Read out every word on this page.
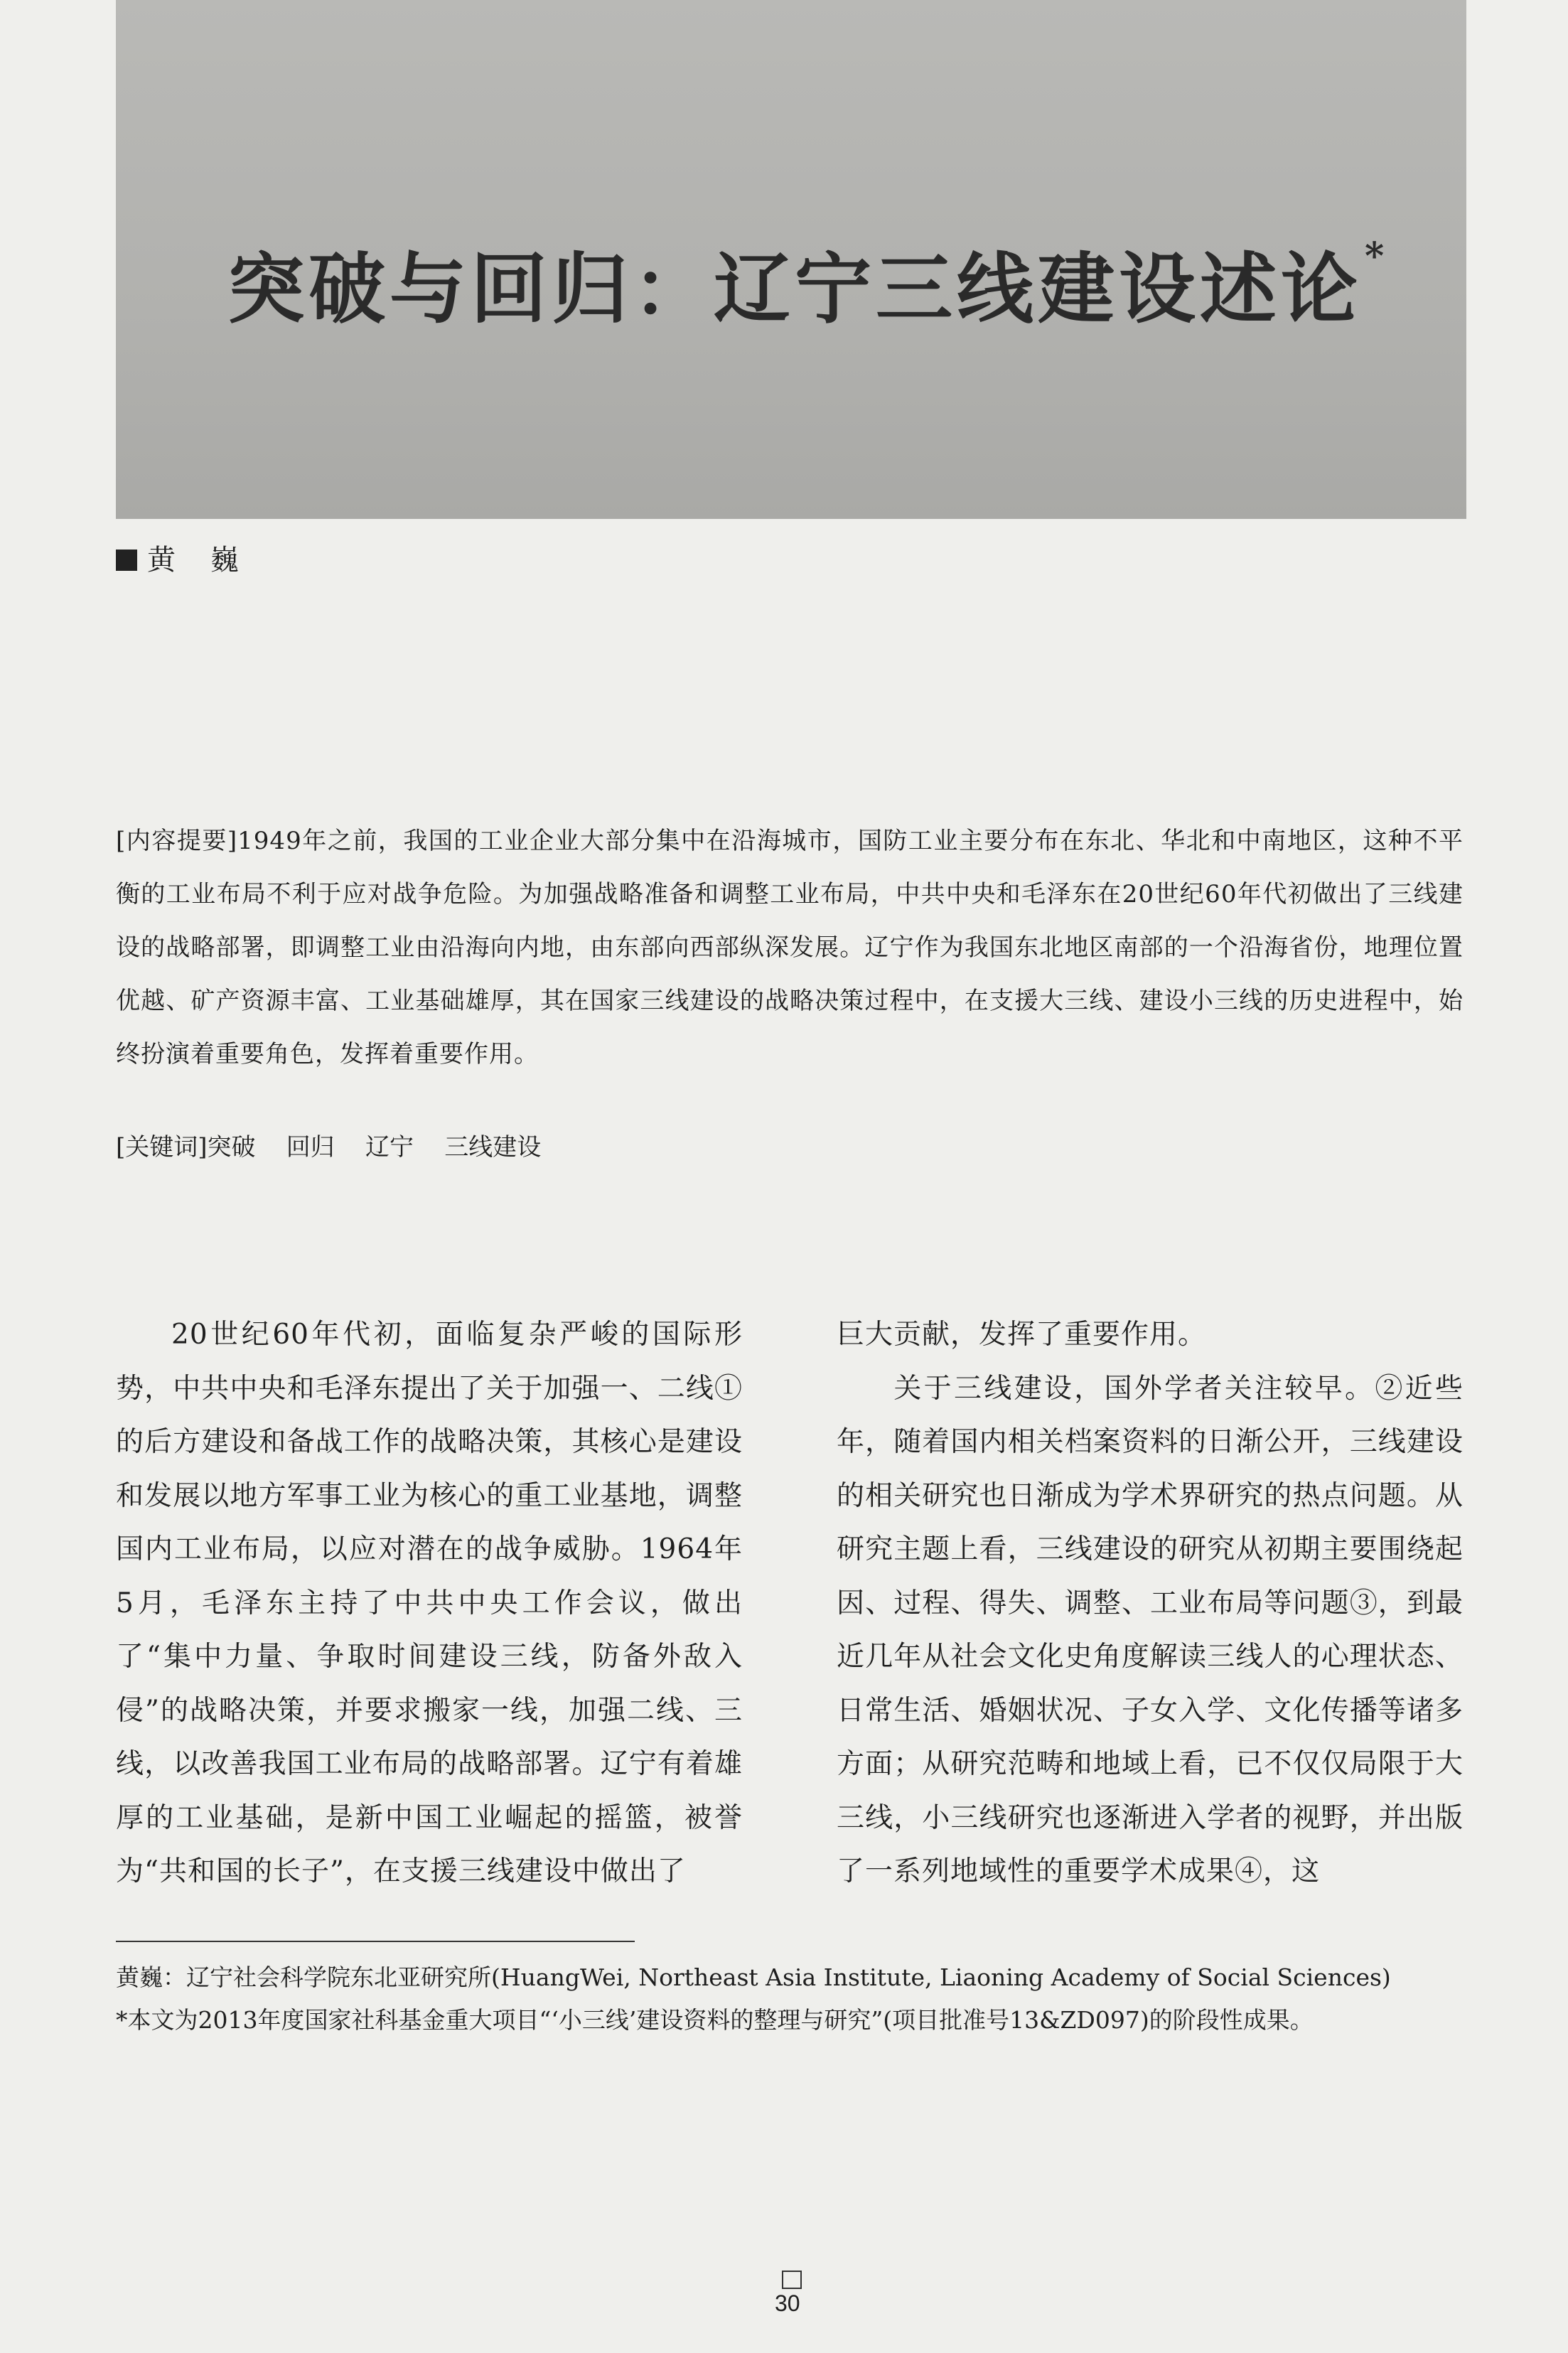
突破与回归：辽宁三线建设述论*
黄 巍
[内容提要]1949年之前，我国的工业企业大部分集中在沿海城市，国防工业主要分布在东北、华北和中南地区，这种不平衡的工业布局不利于应对战争危险。为加强战略准备和调整工业布局，中共中央和毛泽东在20世纪60年代初做出了三线建设的战略部署，即调整工业由沿海向内地，由东部向西部纵深发展。辽宁作为我国东北地区南部的一个沿海省份，地理位置优越、矿产资源丰富、工业基础雄厚，其在国家三线建设的战略决策过程中，在支援大三线、建设小三线的历史进程中，始终扮演着重要角色，发挥着重要作用。
[关键词]突破    回归    辽宁    三线建设
20世纪60年代初，面临复杂严峻的国际形势，中共中央和毛泽东提出了关于加强一、二线①的后方建设和备战工作的战略决策，其核心是建设和发展以地方军事工业为核心的重工业基地，调整国内工业布局，以应对潜在的战争威胁。1964年5月，毛泽东主持了中共中央工作会议，做出了“集中力量、争取时间建设三线，防备外敌入侵”的战略决策，并要求搬家一线，加强二线、三线，以改善我国工业布局的战略部署。辽宁有着雄厚的工业基础，是新中国工业崛起的摇篮，被誉为“共和国的长子”，在支援三线建设中做出了
巨大贡献，发挥了重要作用。
关于三线建设，国外学者关注较早。②近些年，随着国内相关档案资料的日渐公开，三线建设的相关研究也日渐成为学术界研究的热点问题。从研究主题上看，三线建设的研究从初期主要围绕起因、过程、得失、调整、工业布局等问题③，到最近几年从社会文化史角度解读三线人的心理状态、日常生活、婚姻状况、子女入学、文化传播等诸多方面；从研究范畴和地域上看，已不仅仅局限于大三线，小三线研究也逐渐进入学者的视野，并出版了一系列地域性的重要学术成果④，这

黄巍：辽宁社会科学院东北亚研究所(HuangWei, Northeast Asia Institute, Liaoning Academy of Social Sciences)

*本文为2013年度国家社科基金重大项目“‘小三线’建设资料的整理与研究”(项目批准号13&ZD097)的阶段性成果。

30
